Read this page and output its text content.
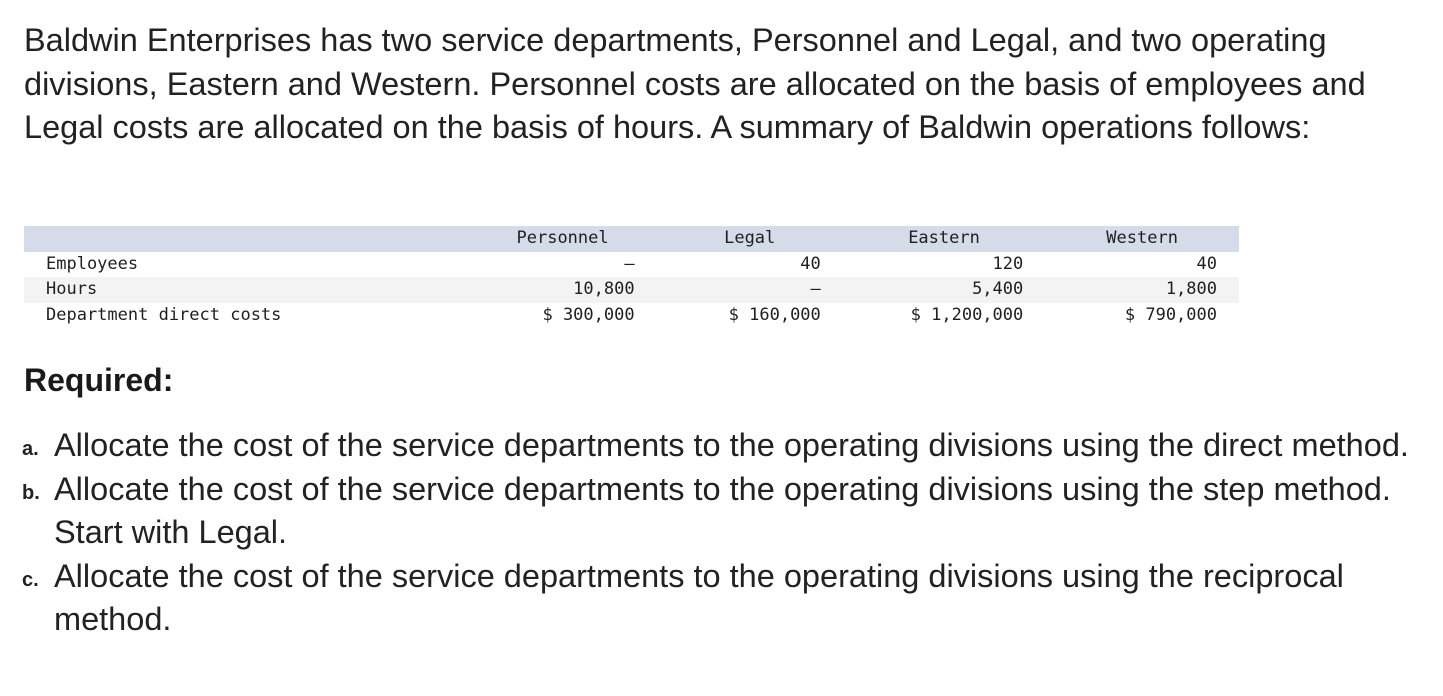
Baldwin Enterprises has two service departments, Personnel and Legal, and two operating divisions, Eastern and Western. Personnel costs are allocated on the basis of employees and Legal costs are allocated on the basis of hours. A summary of Baldwin operations follows:

	Personnel	Legal	Eastern	Western
Employees	–	40	120	40
Hours	10,800	–	5,400	1,800
Department direct costs	$ 300,000	$ 160,000	$ 1,200,000	$ 790,000
Required:
a. Allocate the cost of the service departments to the operating divisions using the direct method.
b. Allocate the cost of the service departments to the operating divisions using the step method. Start with Legal.
c. Allocate the cost of the service departments to the operating divisions using the reciprocal method.
